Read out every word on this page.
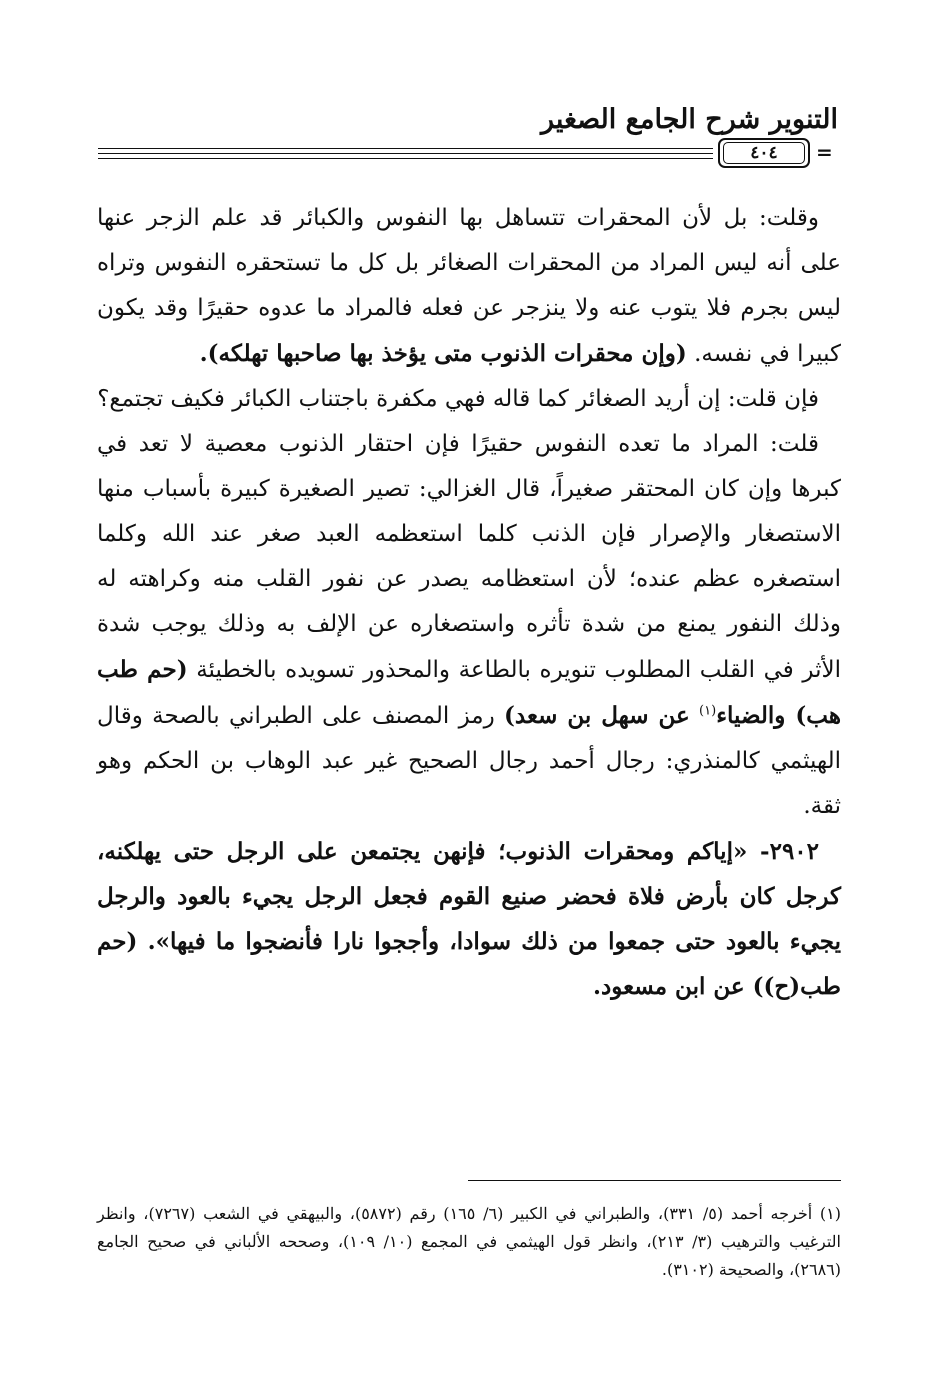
التنوير شرح الجامع الصغير
٤٠٤	=

وقلت: بل لأن المحقرات تتساهل بها النفوس والكبائر قد علم الزجر عنها على أنه ليس المراد من المحقرات الصغائر بل كل ما تستحقره النفوس وتراه ليس بجرم فلا يتوب عنه ولا ينزجر عن فعله فالمراد ما عدوه حقيرًا وقد يكون كبيرا في نفسه. (وإن محقرات الذنوب متى يؤخذ بها صاحبها تهلكه).

فإن قلت: إن أريد الصغائر كما قاله فهي مكفرة باجتناب الكبائر فكيف تجتمع؟

قلت: المراد ما تعده النفوس حقيرًا فإن احتقار الذنوب معصية لا تعد في كبرها وإن كان المحتقر صغيراً، قال الغزالي: تصير الصغيرة كبيرة بأسباب منها الاستصغار والإصرار فإن الذنب كلما استعظمه العبد صغر عند الله وكلما استصغره عظم عنده؛ لأن استعظامه يصدر عن نفور القلب منه وكراهته له وذلك النفور يمنع من شدة تأثره واستصغاره عن الإلف به وذلك يوجب شدة الأثر في القلب المطلوب تنويره بالطاعة والمحذور تسويده بالخطيئة (حم طب هب) والضياء$^{(١)}$ عن سهل بن سعد) رمز المصنف على الطبراني بالصحة وقال الهيثمي كالمنذري: رجال أحمد رجال الصحيح غير عبد الوهاب بن الحكم وهو ثقة.

٢٩٠٢- «إياكم ومحقرات الذنوب؛ فإنهن يجتمعن على الرجل حتى يهلكنه، كرجل كان بأرض فلاة فحضر صنيع القوم فجعل الرجل يجيء بالعود والرجل يجيء بالعود حتى جمعوا من ذلك سوادا، وأججوا نارا فأنضجوا ما فيها». (حم طب(ح)) عن ابن مسعود.

(١) أخرجه أحمد (٥/ ٣٣١)، والطبراني في الكبير (٦/ ١٦٥) رقم (٥٨٧٢)، والبيهقي في الشعب (٧٢٦٧)، وانظر الترغيب والترهيب (٣/ ٢١٣)، وانظر قول الهيثمي في المجمع (١٠/ ١٠٩)، وصححه الألباني في صحيح الجامع (٢٦٨٦)، والصحيحة (٣١٠٢).
